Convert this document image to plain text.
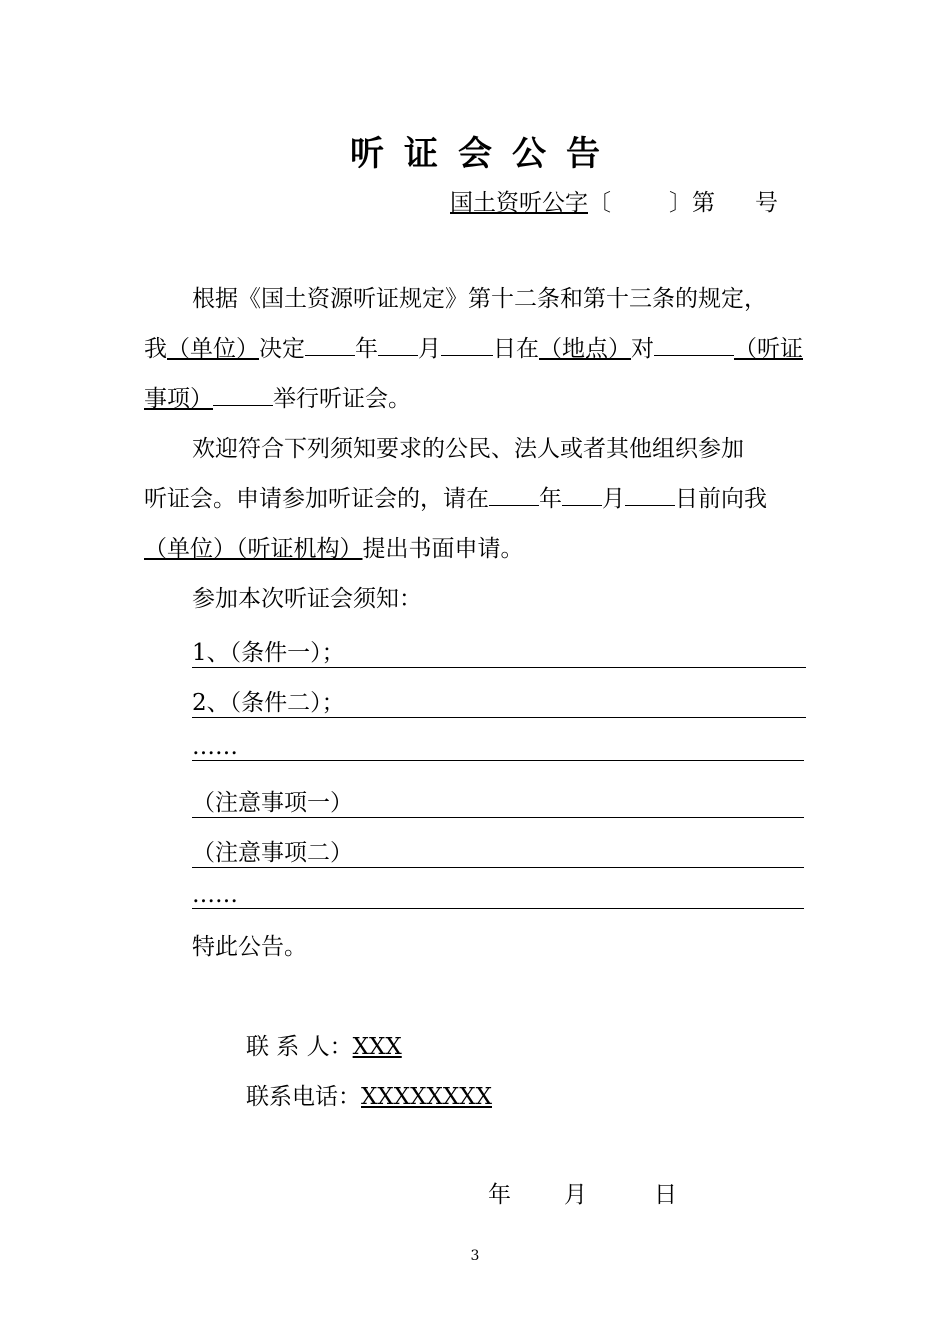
听证会公告
国土资听公字〔	〕第 号
根据《国土资源听证规定》第十二条和第十三条的规定，
我（单位）决定 年 月 日在（地点）对	（听证
事项）	举行听证会。
欢迎符合下列须知要求的公民、法人或者其他组织参加
听证会。申请参加听证会的，请在 年 月 日前向我
（单位）（听证机构）提出书面申请。
参加本次听证会须知：
1、（条件一）；
2、（条件二）；
……
（注意事项一）
（注意事项二）
……
特此公告。
联 系 人：XXX
联系电话：XXXXXXXX
年 月	日
3
